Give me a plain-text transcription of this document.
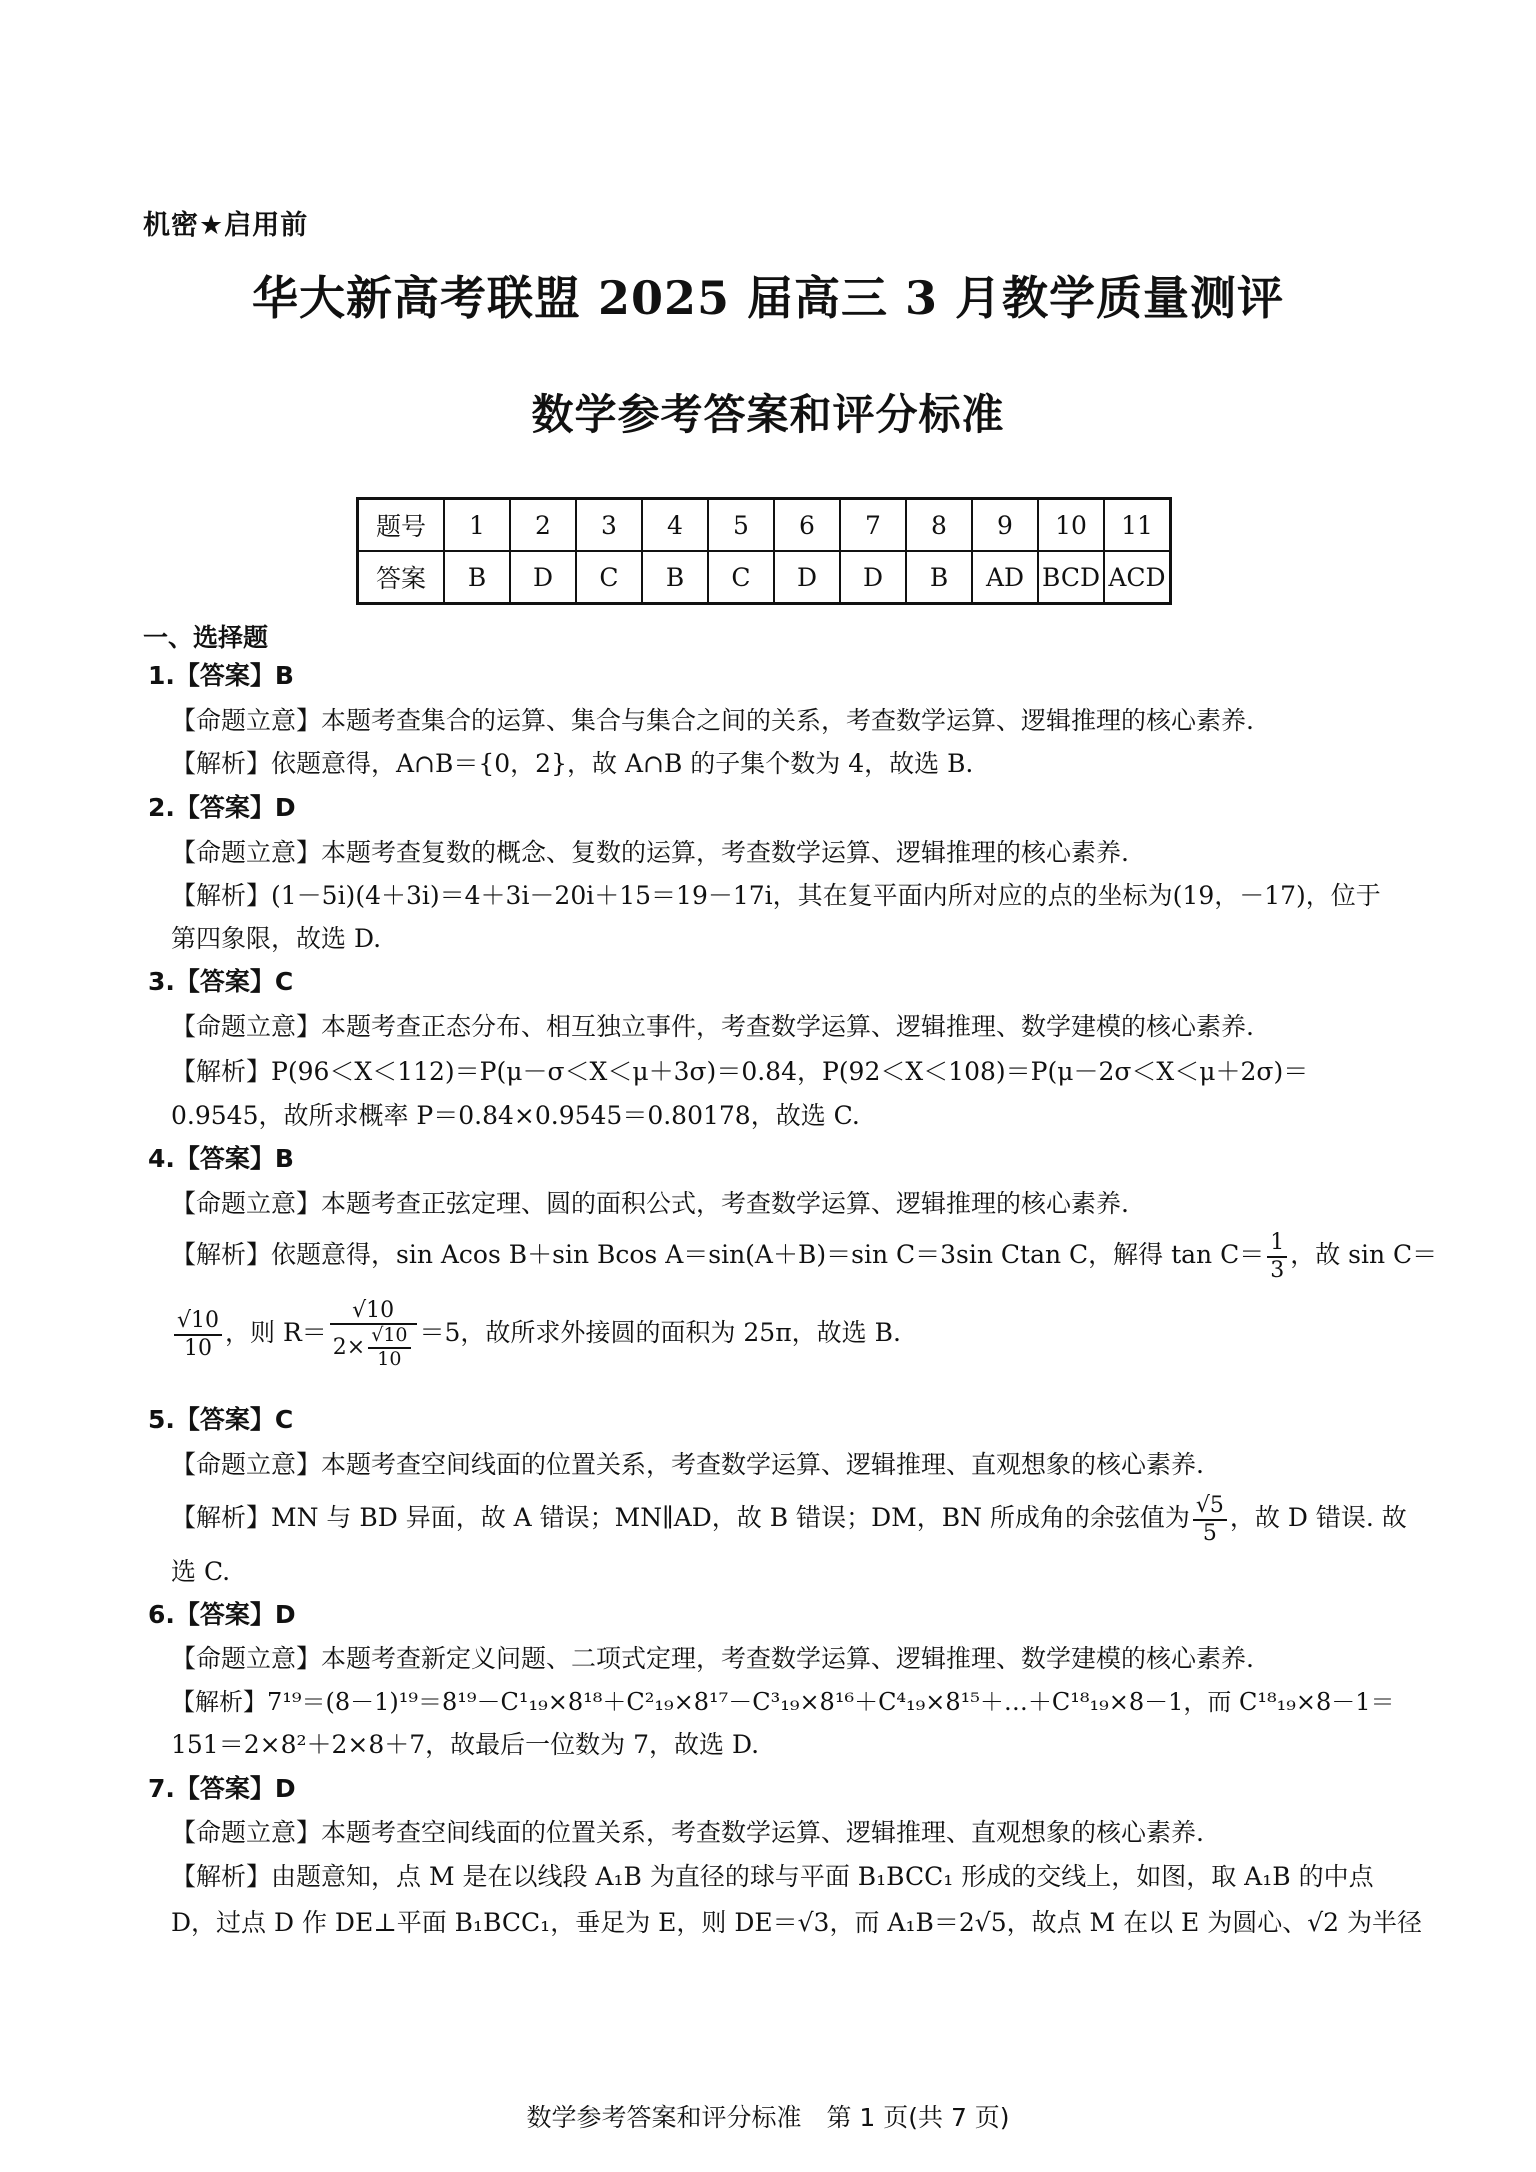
机密★启用前
华大新高考联盟 2025 届高三 3 月教学质量测评
数学参考答案和评分标准
题号	1	2	3	4	5	6	7	8	9	10	11
答案	B	D	C	B	C	D	D	B	AD	BCD	ACD
一、选择题
1.【答案】B
【命题立意】本题考查集合的运算、集合与集合之间的关系，考查数学运算、逻辑推理的核心素养.
【解析】依题意得，A∩B＝{0，2}，故 A∩B 的子集个数为 4，故选 B.
2.【答案】D
【命题立意】本题考查复数的概念、复数的运算，考查数学运算、逻辑推理的核心素养.
【解析】(1－5i)(4＋3i)＝4＋3i－20i＋15＝19－17i，其在复平面内所对应的点的坐标为(19，－17)，位于
第四象限，故选 D.
3.【答案】C
【命题立意】本题考查正态分布、相互独立事件，考查数学运算、逻辑推理、数学建模的核心素养.
【解析】P(96＜X＜112)＝P(μ－σ＜X＜μ＋3σ)＝0.84，P(92＜X＜108)＝P(μ－2σ＜X＜μ＋2σ)＝
0.9545，故所求概率 P＝0.84×0.9545＝0.80178，故选 C.
4.【答案】B
【命题立意】本题考查正弦定理、圆的面积公式，考查数学运算、逻辑推理的核心素养.
【解析】依题意得，sin Acos B＋sin Bcos A＝sin(A＋B)＝sin C＝3sin Ctan C，解得 $\tan C= \frac{1}{3}$ ，故 sin C＝
$\frac{√10}{10}$ ，则 $R= \frac{√10}{2\times \frac{√10}{10}} =5$，故所求外接圆的面积为 25π，故选 B.
5.【答案】C
【命题立意】本题考查空间线面的位置关系，考查数学运算、逻辑推理、直观想象的核心素养.
【解析】MN 与 BD 异面，故 A 错误；MN∥AD，故 B 错误；DM，BN 所成角的余弦值为 $\frac{√5}{5}$ ，故 D 错误. 故
选 C.
6.【答案】D
【命题立意】本题考查新定义问题、二项式定理，考查数学运算、逻辑推理、数学建模的核心素养.
【解析】7¹⁹＝(8－1)¹⁹＝8¹⁹－C¹₁₉×8¹⁸＋C²₁₉×8¹⁷－C³₁₉×8¹⁶＋C⁴₁₉×8¹⁵＋…＋C¹⁸₁₉×8－1，而 C¹⁸₁₉×8－1＝
151＝2×8²＋2×8＋7，故最后一位数为 7，故选 D.
7.【答案】D
【命题立意】本题考查空间线面的位置关系，考查数学运算、逻辑推理、直观想象的核心素养.
【解析】由题意知，点 M 是在以线段 A₁B 为直径的球与平面 B₁BCC₁ 形成的交线上，如图，取 A₁B 的中点
D，过点 D 作 DE⊥平面 B₁BCC₁，垂足为 E，则 DE＝√3，而 A₁B＝2√5，故点 M 在以 E 为圆心、√2 为半径
数学参考答案和评分标准　第 1 页(共 7 页)
